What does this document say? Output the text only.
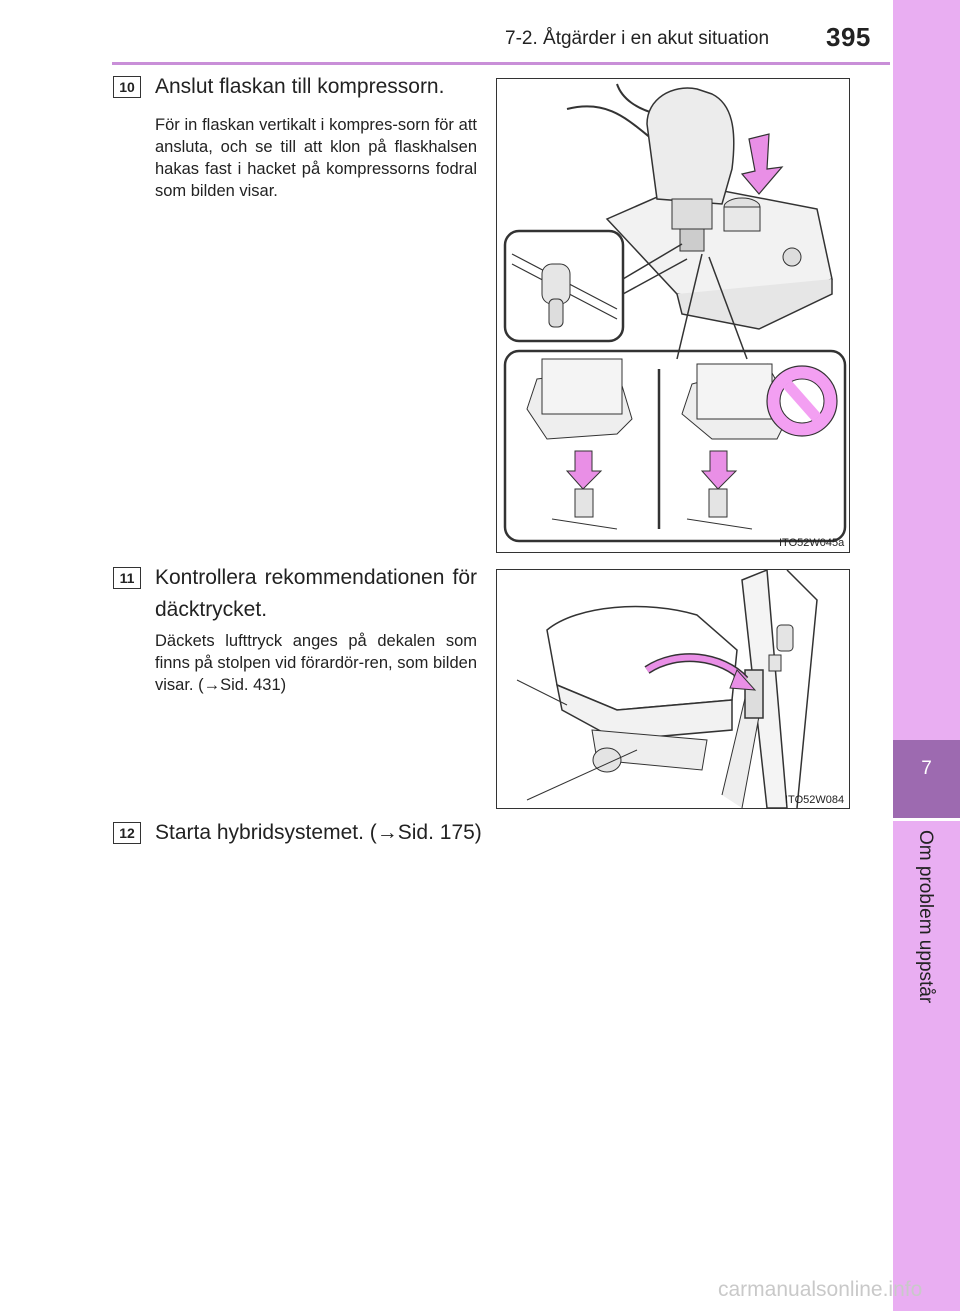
7-2. Åtgärder i en akut situation 395
7
Om problem uppstår
10 Anslut flaskan till kompressorn.
För in flaskan vertikalt i kompres-sorn för att ansluta, och se till att klon på flaskhalsen hakas fast i hacket på kompressorns fodral som bilden visar.
ITO52W045a
11 Kontrollera rekommendationen för däcktrycket.
Däckets lufttryck anges på dekalen som finns på stolpen vid förardör-ren, som bilden visar. (→Sid. 431)
ITO52W084
12 Starta hybridsystemet. (→Sid. 175)
carmanualsonline.info
